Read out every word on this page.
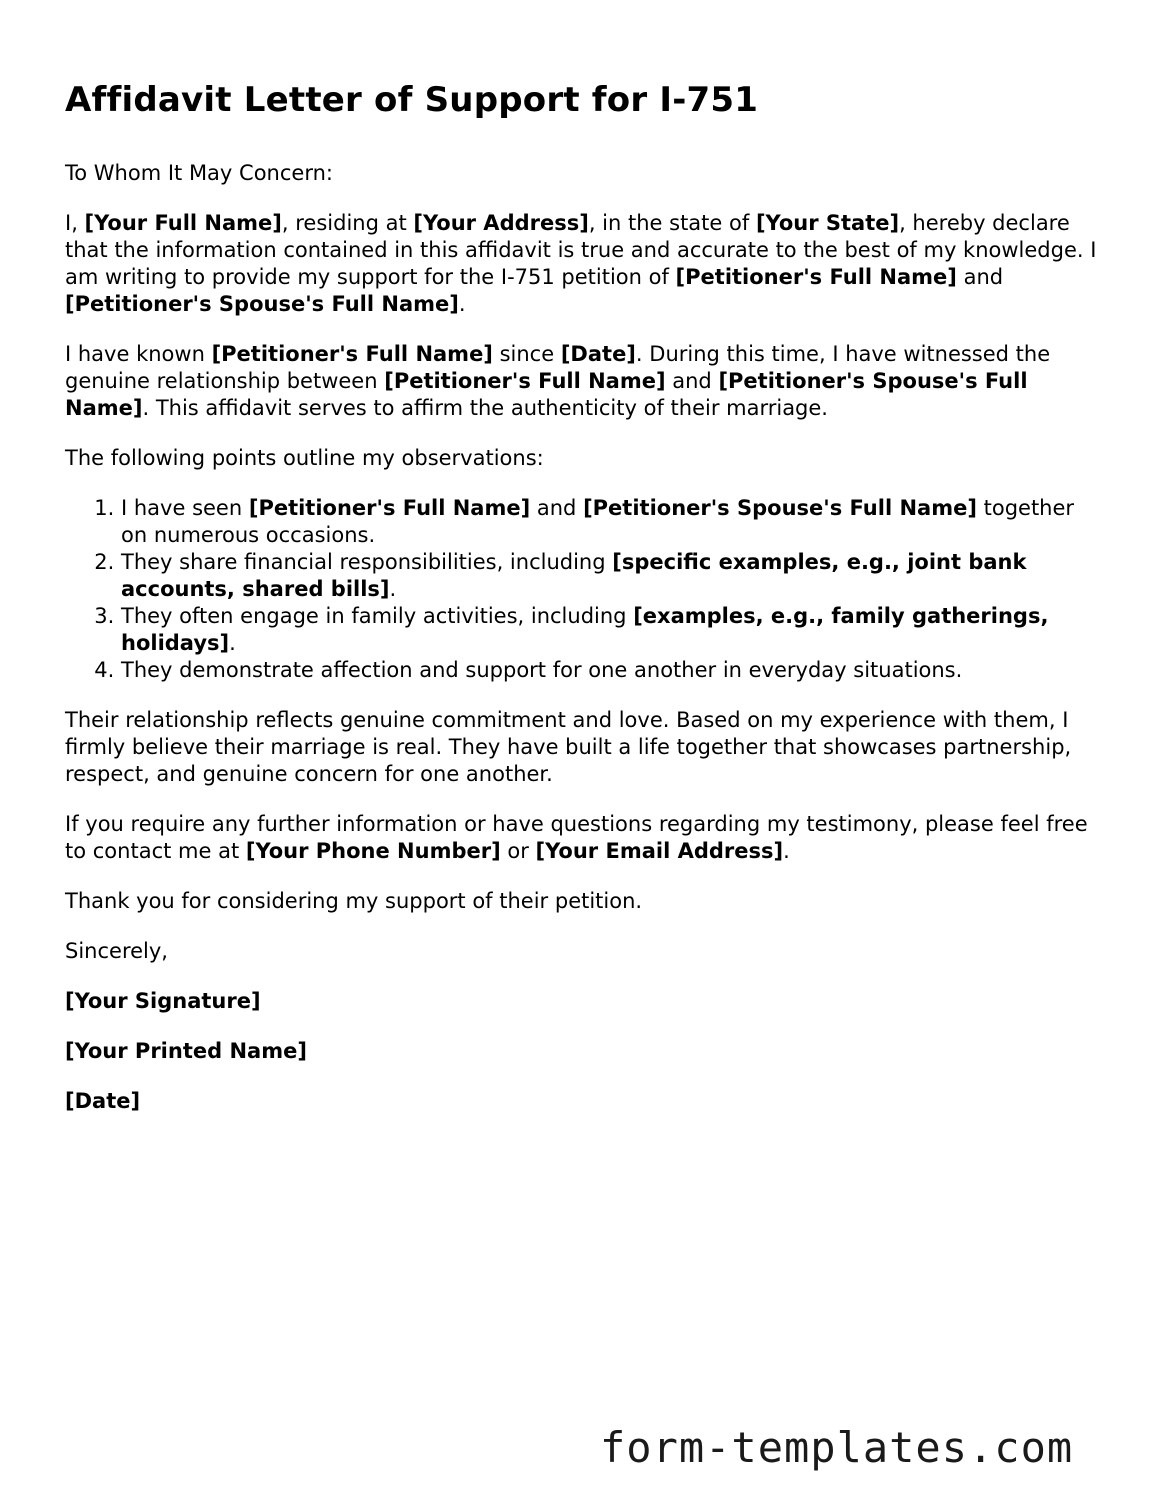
Affidavit Letter of Support for I-751

To Whom It May Concern:

I, [Your Full Name], residing at [Your Address], in the state of [Your State], hereby declare that the information contained in this affidavit is true and accurate to the best of my knowledge. I am writing to provide my support for the I-751 petition of [Petitioner's Full Name] and [Petitioner's Spouse's Full Name].

I have known [Petitioner's Full Name] since [Date]. During this time, I have witnessed the genuine relationship between [Petitioner's Full Name] and [Petitioner's Spouse's Full Name]. This affidavit serves to affirm the authenticity of their marriage.

The following points outline my observations:

1. I have seen [Petitioner's Full Name] and [Petitioner's Spouse's Full Name] together on numerous occasions.
2. They share financial responsibilities, including [specific examples, e.g., joint bank accounts, shared bills].
3. They often engage in family activities, including [examples, e.g., family gatherings, holidays].
4. They demonstrate affection and support for one another in everyday situations.

Their relationship reflects genuine commitment and love. Based on my experience with them, I firmly believe their marriage is real. They have built a life together that showcases partnership, respect, and genuine concern for one another.

If you require any further information or have questions regarding my testimony, please feel free to contact me at [Your Phone Number] or [Your Email Address].

Thank you for considering my support of their petition.

Sincerely,

[Your Signature]

[Your Printed Name]

[Date]

form-templates.com
